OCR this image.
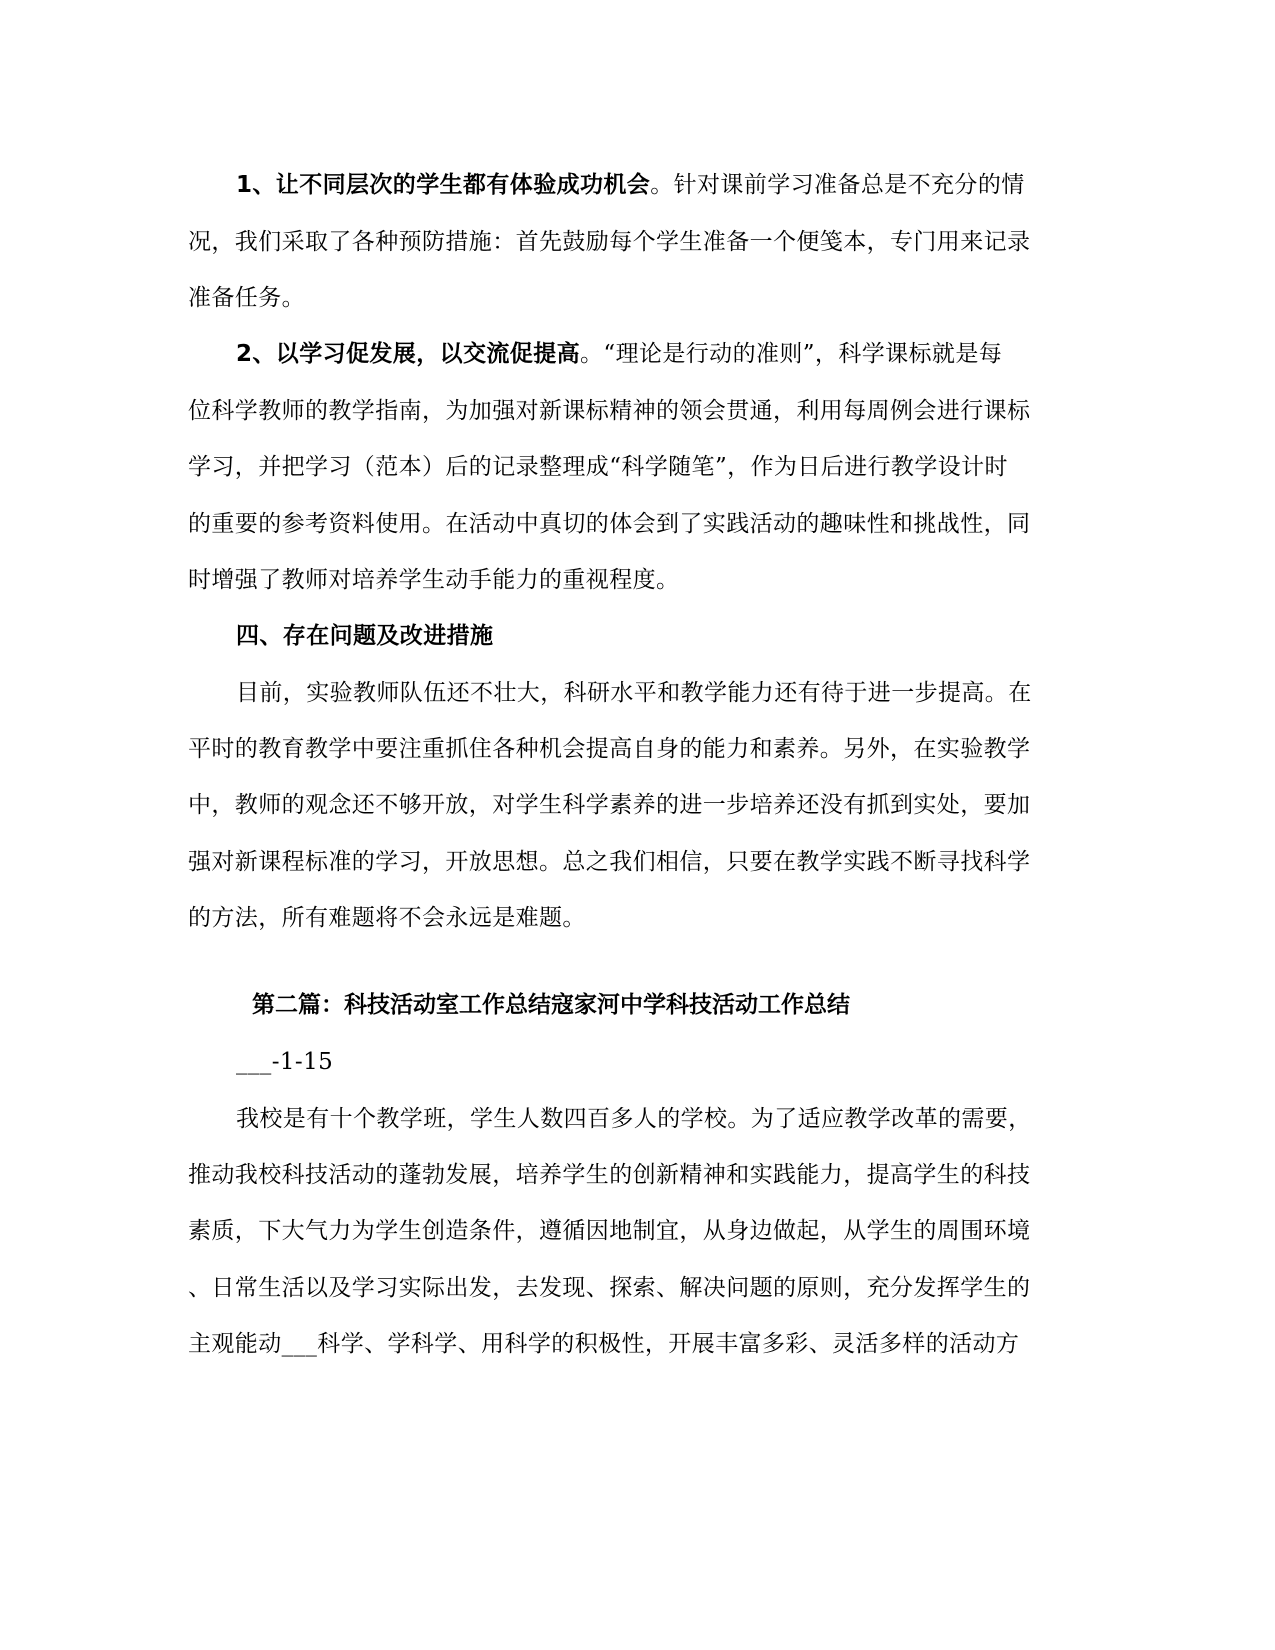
1、让不同层次的学生都有体验成功机会。针对课前学习准备总是不充分的情
况，我们采取了各种预防措施：首先鼓励每个学生准备一个便笺本，专门用来记录
准备任务。
2、以学习促发展，以交流促提高。“理论是行动的准则”，科学课标就是每
位科学教师的教学指南，为加强对新课标精神的领会贯通，利用每周例会进行课标
学习，并把学习（范本）后的记录整理成“科学随笔”，作为日后进行教学设计时
的重要的参考资料使用。在活动中真切的体会到了实践活动的趣味性和挑战性，同
时增强了教师对培养学生动手能力的重视程度。
四、存在问题及改进措施
目前，实验教师队伍还不壮大，科研水平和教学能力还有待于进一步提高。在
平时的教育教学中要注重抓住各种机会提高自身的能力和素养。另外，在实验教学
中，教师的观念还不够开放，对学生科学素养的进一步培养还没有抓到实处，要加
强对新课程标准的学习，开放思想。总之我们相信，只要在教学实践不断寻找科学
的方法，所有难题将不会永远是难题。
第二篇：科技活动室工作总结寇家河中学科技活动工作总结
___-1-15
我校是有十个教学班，学生人数四百多人的学校。为了适应教学改革的需要，
推动我校科技活动的蓬勃发展，培养学生的创新精神和实践能力，提高学生的科技
素质，下大气力为学生创造条件，遵循因地制宜，从身边做起，从学生的周围环境
、日常生活以及学习实际出发，去发现、探索、解决问题的原则，充分发挥学生的
主观能动___科学、学科学、用科学的积极性，开展丰富多彩、灵活多样的活动方
